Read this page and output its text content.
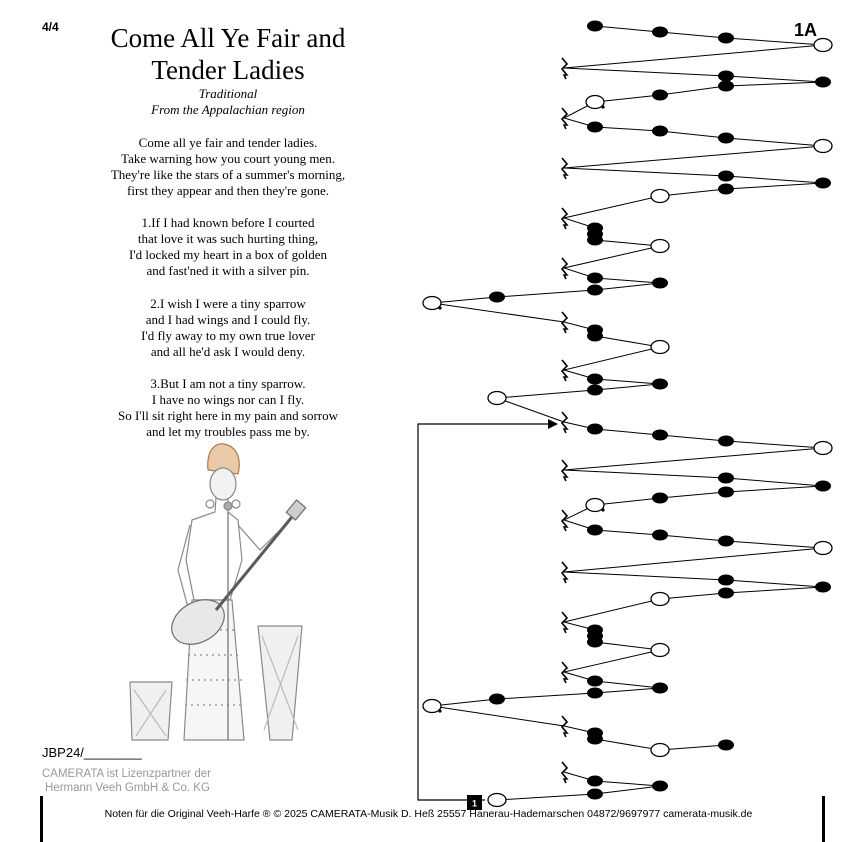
4/4	Come All Ye Fair and
Tender Ladies
Traditional
From the Appalachian region
Come all ye fair and tender ladies.
Take warning how you court young men.
They're like the stars of a summer's morning,
first they appear and then they're gone.
1.If I had known before I courted
that love it was such hurting thing,
I'd locked my heart in a box of golden
and fast'ned it with a silver pin.
2.I wish I were a tiny sparrow
and I had wings and I could fly.
I'd fly away to my own true lover
and all he'd ask I would deny.
3.But I am not a tiny sparrow.
I have no wings nor can I fly.
So I'll sit right here in my pain and sorrow
and let my troubles pass me by.
1A
JBP24/________
CAMERATA ist Lizenzpartner der
Hermann Veeh GmbH & Co. KG
1
Noten für die Original Veeh-Harfe ® © 2025 CAMERATA-Musik D. Heß 25557 Hanerau-Hademarschen 04872/9697977 camerata-musik.de
